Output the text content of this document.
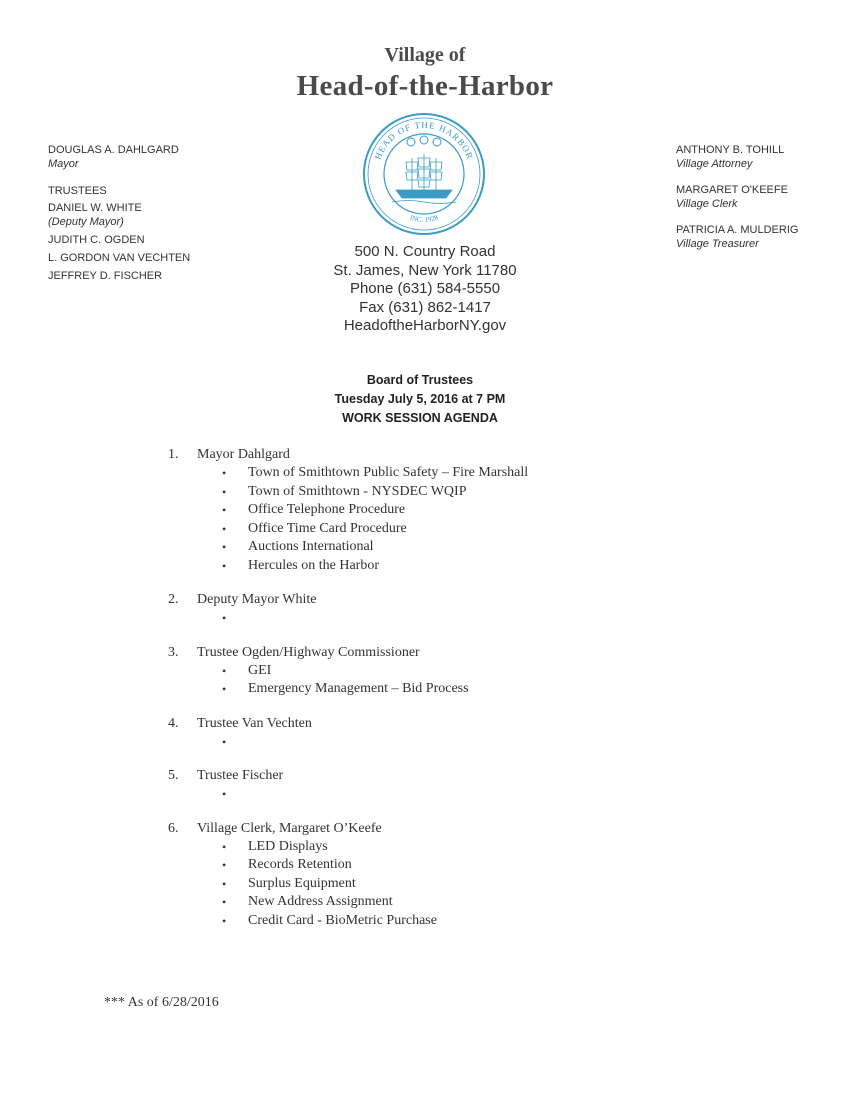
Village of
Head-of-the-Harbor
DOUGLAS A. DAHLGARD
Mayor
TRUSTEES
DANIEL W. WHITE
(Deputy Mayor)
JUDITH C. OGDEN
L. GORDON VAN VECHTEN
JEFFREY D. FISCHER
HEAD OF THE HARBOR
INC. 1928
500 N. Country Road
St. James, New York 11780
Phone (631) 584-5550
Fax (631) 862-1417
HeadoftheHarborNY.gov
ANTHONY B. TOHILL
Village Attorney
MARGARET O'KEEFE
Village Clerk
PATRICIA A. MULDERIG
Village Treasurer
Board of Trustees
Tuesday July 5, 2016 at 7 PM
WORK SESSION AGENDA
1.	Mayor Dahlgard
• Town of Smithtown Public Safety – Fire Marshall
• Town of Smithtown - NYSDEC WQIP
• Office Telephone Procedure
• Office Time Card Procedure
• Auctions International
• Hercules on the Harbor
2.	Deputy Mayor White
•
3.	Trustee Ogden/Highway Commissioner
• GEI
• Emergency Management – Bid Process
4.	Trustee Van Vechten
•
5.	Trustee Fischer
•
6.	Village Clerk, Margaret O’Keefe
• LED Displays
• Records Retention
• Surplus Equipment
• New Address Assignment
• Credit Card - BioMetric Purchase
*** As of 6/28/2016
